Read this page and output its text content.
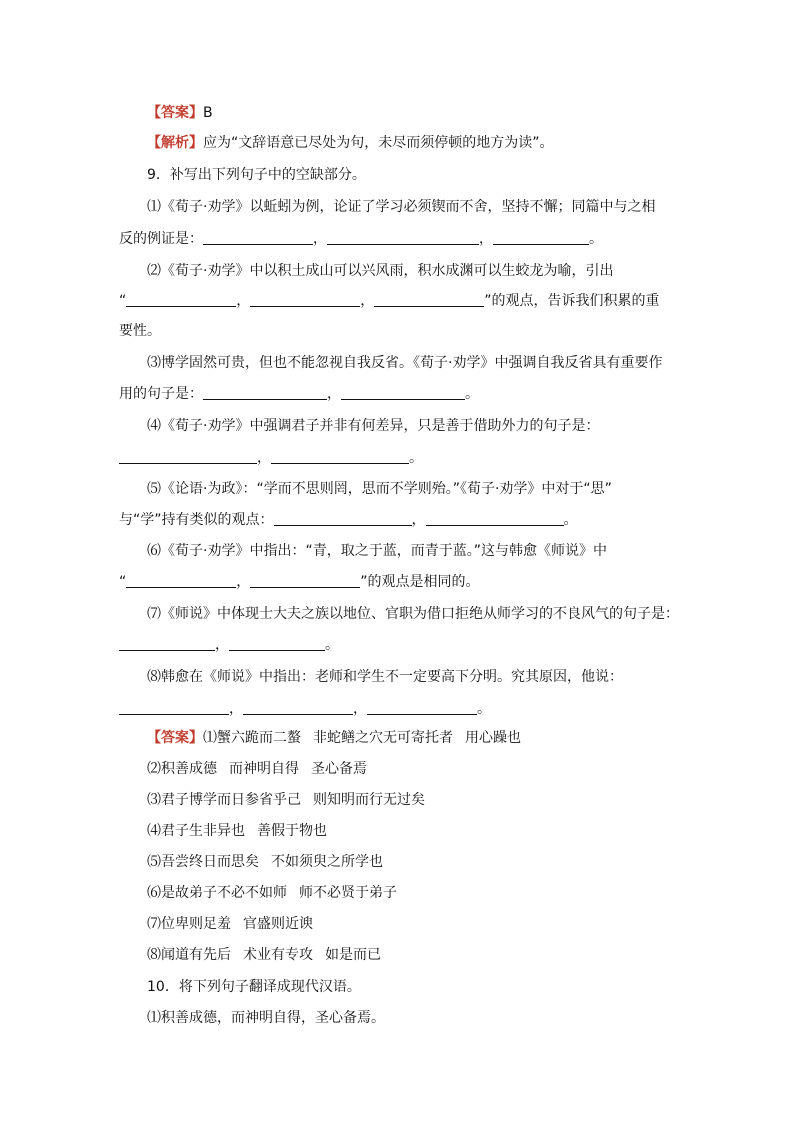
【答案】B
【解析】应为“文辞语意已尽处为句，未尽而须停顿的地方为读”。
9．补写出下列句子中的空缺部分。
⑴《荀子·劝学》以蚯蚓为例，论证了学习必须锲而不舍，坚持不懈；同篇中与之相
反的例证是：	，	，	。
⑵《荀子·劝学》中以积土成山可以兴风雨，积水成渊可以生蛟龙为喻，引出
“	，	，	”的观点，告诉我们积累的重
要性。
⑶博学固然可贵，但也不能忽视自我反省。《荀子·劝学》中强调自我反省具有重要作
用的句子是：	，	。
⑷《荀子·劝学》中强调君子并非有何差异，只是善于借助外力的句子是：
，	。
⑸《论语·为政》：“学而不思则罔，思而不学则殆。”《荀子·劝学》中对于“思”
与“学”持有类似的观点：	，	。
⑹《荀子·劝学》中指出：“青，取之于蓝，而青于蓝。”这与韩愈《师说》中
“	，	”的观点是相同的。
⑺《师说》中体现士大夫之族以地位、官职为借口拒绝从师学习的不良风气的句子是：
，	。
⑻韩愈在《师说》中指出：老师和学生不一定要高下分明。究其原因，他说：
，	，	。
【答案】⑴蟹六跪而二螯 非蛇鳝之穴无可寄托者 用心躁也
⑵积善成德 而神明自得 圣心备焉
⑶君子博学而日参省乎己 则知明而行无过矣
⑷君子生非异也 善假于物也
⑸吾尝终日而思矣 不如须臾之所学也
⑹是故弟子不必不如师 师不必贤于弟子
⑺位卑则足羞 官盛则近谀
⑻闻道有先后 术业有专攻 如是而已
10．将下列句子翻译成现代汉语。
⑴积善成德，而神明自得，圣心备焉。
